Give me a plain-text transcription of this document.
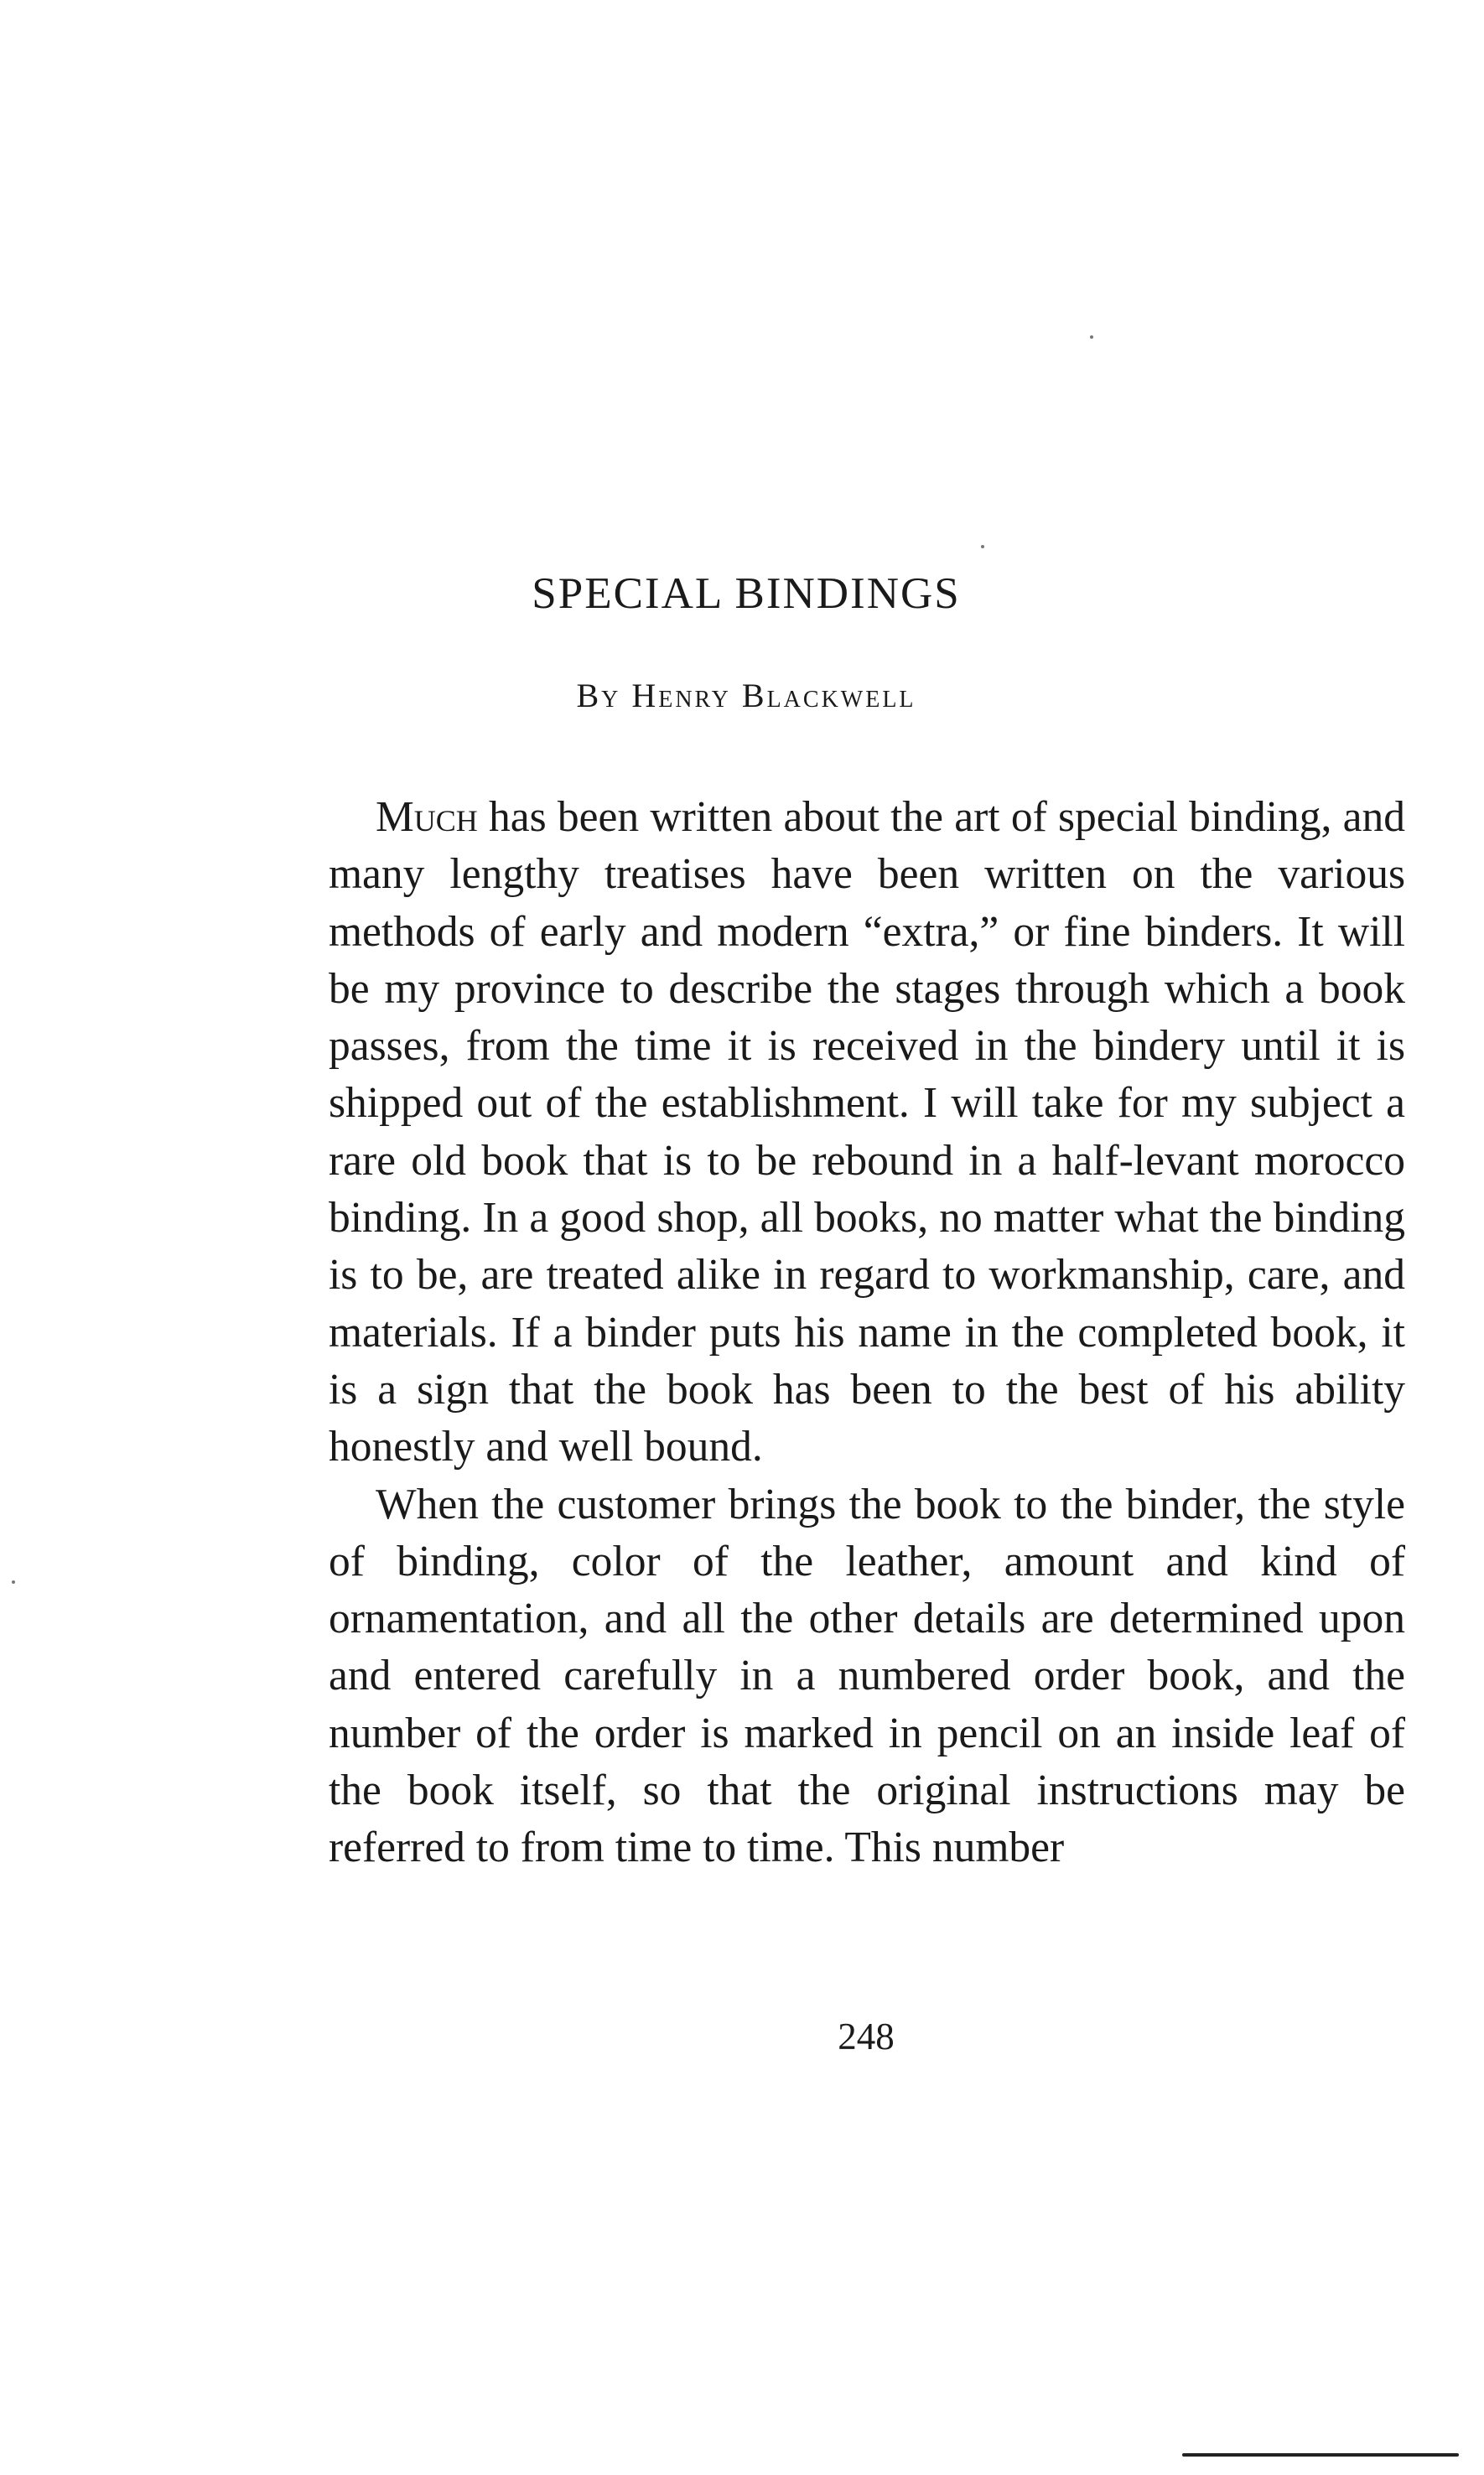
SPECIAL BINDINGS
By Henry Blackwell

Much has been written about the art of special binding, and many lengthy treatises have been written on the various methods of early and modern “extra,” or fine binders. It will be my province to describe the stages through which a book passes, from the time it is received in the bindery until it is shipped out of the establishment. I will take for my subject a rare old book that is to be rebound in a half-levant morocco binding. In a good shop, all books, no matter what the binding is to be, are treated alike in regard to workmanship, care, and materials. If a binder puts his name in the completed book, it is a sign that the book has been to the best of his ability honestly and well bound.

When the customer brings the book to the binder, the style of binding, color of the leather, amount and kind of ornamentation, and all the other details are determined upon and entered carefully in a numbered order book, and the number of the order is marked in pencil on an inside leaf of the book itself, so that the original instructions may be referred to from time to time. This number

248
